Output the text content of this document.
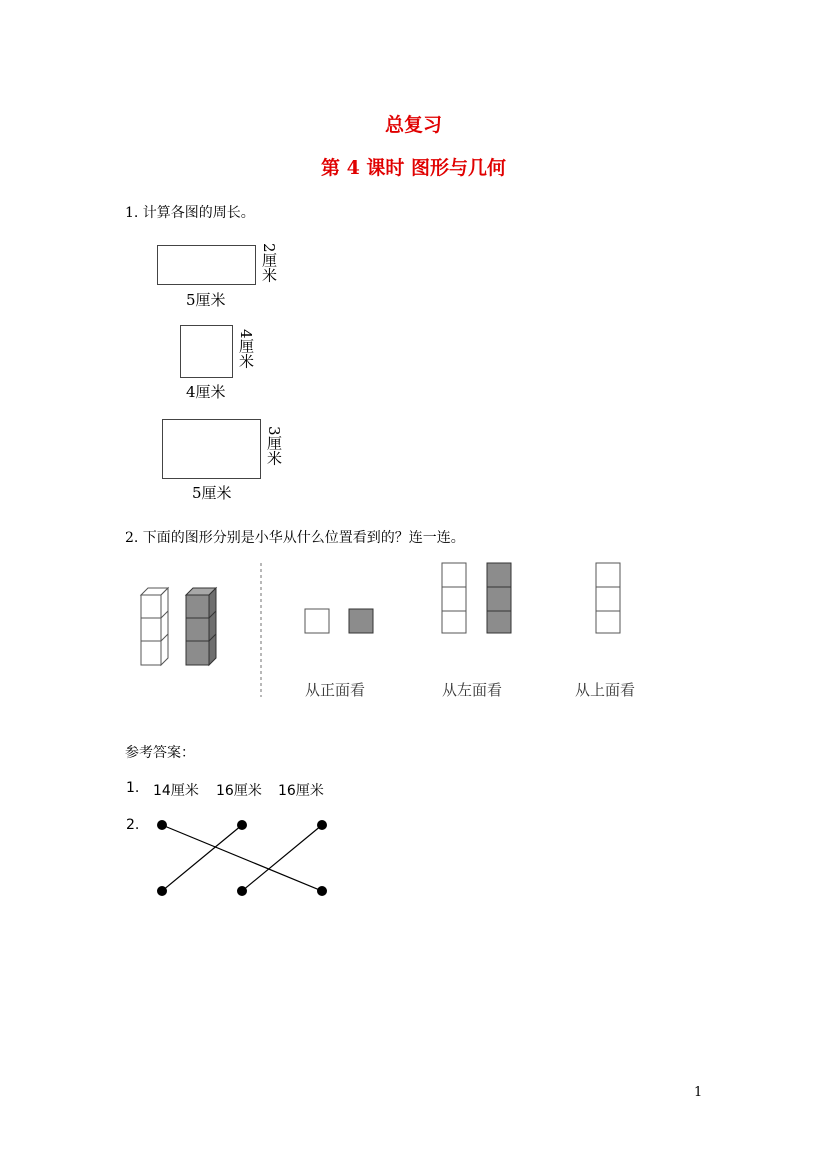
总复习
第 4 课时 图形与几何
1. 计算各图的周长。
5厘米
2厘米
4厘米
4厘米
5厘米
3厘米
2. 下面的图形分别是小华从什么位置看到的？连一连。
从正面看	从左面看	从上面看
参考答案：
1. 14厘米 16厘米 16厘米
2.
1
